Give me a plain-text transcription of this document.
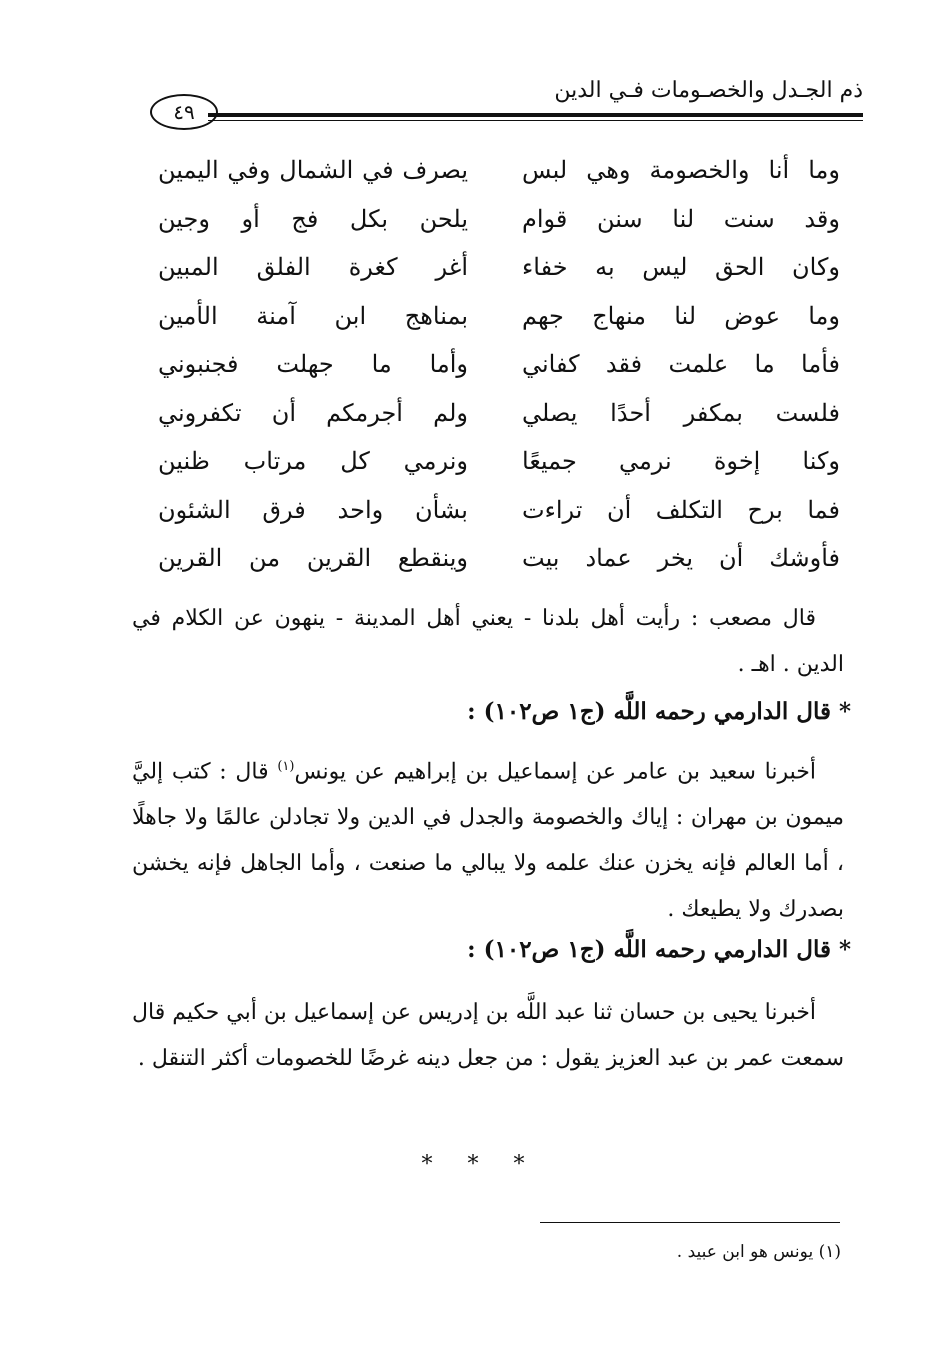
ذم الجـدل والخصـومات فـي الدين
٤٩
وما أنا والخصومة وهي لبس
يصرف في الشمال وفي اليمين
وقد سنت لنا سنن قوام
يلحن بكل فج أو وجين
وكان الحق ليس به خفاء
أغر كغرة الفلق المبين
وما عوض لنا منهاج جهم
بمناهج ابن آمنة الأمين
فأما ما علمت فقد كفاني
وأما ما جهلت فجنبوني
فلست بمكفر أحدًا يصلي
ولم أجرمكم أن تكفروني
وكنا إخوة نرمي جميعًا
ونرمي كل مرتاب ظنين
فما برح التكلف أن تراءت
بشأن واحد فرق الشئون
فأوشك أن يخر عماد بيت
وينقطع القرين من القرين
قال مصعب : رأيت أهل بلدنا - يعني أهل المدينة - ينهون عن الكلام في الدين . اهـ .
* قال الدارمي رحمه اللَّه (ج١ ص١٠٢) :
أخبرنا سعيد بن عامر عن إسماعيل بن إبراهيم عن يونس$^{(١)}$ قال : كتب إليَّ ميمون بن مهران : إياك والخصومة والجدل في الدين ولا تجادلن عالمًا ولا جاهلًا ، أما العالم فإنه يخزن عنك علمه ولا يبالي ما صنعت ، وأما الجاهل فإنه يخشن بصدرك ولا يطيعك .
* قال الدارمي رحمه اللَّه (ج١ ص١٠٢) :
أخبرنا يحيى بن حسان ثنا عبد اللَّه بن إدريس عن إسماعيل بن أبي حكيم قال سمعت عمر بن عبد العزيز يقول : من جعل دينه غرضًا للخصومات أكثر التنقل .
* * *
(١) يونس هو ابن عبيد .
